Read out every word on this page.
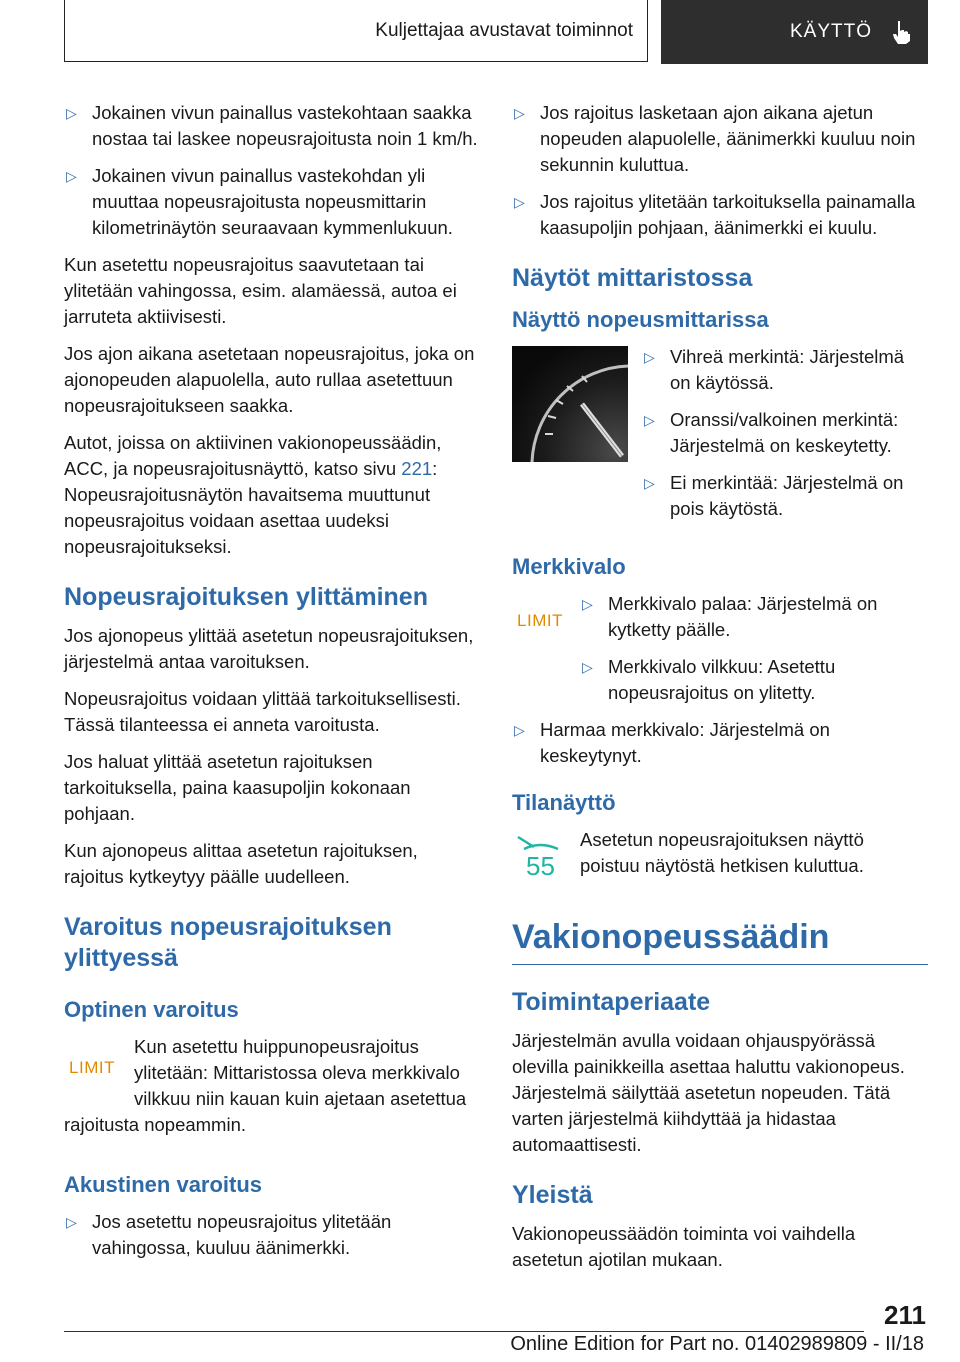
Kuljettajaa avustavat toiminnot	KÄYTTÖ
▷ Jokainen vivun painallus vastekohtaan saakka nostaa tai laskee nopeusrajoitusta noin 1 km/h.
▷ Jokainen vivun painallus vastekohdan yli muuttaa nopeusrajoitusta nopeusmittarin kilometrinäytön seuraavaan kymmenlukuun.

Kun asetettu nopeusrajoitus saavutetaan tai ylitetään vahingossa, esim. alamäessä, autoa ei jarruteta aktiivisesti.

Jos ajon aikana asetetaan nopeusrajoitus, joka on ajonopeuden alapuolella, auto rullaa asetettuun nopeusrajoitukseen saakka.

Autot, joissa on aktiivinen vakionopeussäädin, ACC, ja nopeusrajoitusnäyttö, katso sivu 221: Nopeusrajoitusnäytön havaitsema muuttunut nopeusrajoitus voidaan asettaa uudeksi nopeusrajoitukseksi.

Nopeusrajoituksen ylittäminen

Jos ajonopeus ylittää asetetun nopeusrajoituksen, järjestelmä antaa varoituksen.

Nopeusrajoitus voidaan ylittää tarkoituksellisesti. Tässä tilanteessa ei anneta varoitusta.

Jos haluat ylittää asetetun rajoituksen tarkoituksella, paina kaasupoljin kokonaan pohjaan.

Kun ajonopeus alittaa asetetun rajoituksen, rajoitus kytkeytyy päälle uudelleen.

Varoitus nopeusrajoituksen ylittyessä
Optinen varoitus
LIMIT

Kun asetettu huippunopeusrajoitus ylitetään: Mittaristossa oleva merkkivalo vilkkuu niin kauan kuin ajetaan asetettua rajoitusta nopeammin.

Akustinen varoitus
▷ Jos asetettu nopeusrajoitus ylitetään vahingossa, kuuluu äänimerkki.
▷ Jos rajoitus lasketaan ajon aikana ajetun nopeuden alapuolelle, äänimerkki kuuluu noin sekunnin kuluttua.
▷ Jos rajoitus ylitetään tarkoituksella painamalla kaasupoljin pohjaan, äänimerkki ei kuulu.
Näytöt mittaristossa
Näyttö nopeusmittarissa
▷ Vihreä merkintä: Järjestelmä on käytössä.
▷ Oranssi/valkoinen merkintä: Järjestelmä on keskeytetty.
▷ Ei merkintää: Järjestelmä on pois käytöstä.
Merkkivalo
LIMIT
▷ Merkkivalo palaa: Järjestelmä on kytketty päälle.
▷ Merkkivalo vilkkuu: Asetettu nopeusrajoitus on ylitetty.
▷ Harmaa merkkivalo: Järjestelmä on keskeytynyt.
Tilanäyttö
55

Asetetun nopeusrajoituksen näyttö poistuu näytöstä hetkisen kuluttua.

Vakionopeussäädin
Toimintaperiaate

Järjestelmän avulla voidaan ohjauspyörässä olevilla painikkeilla asettaa haluttu vakionopeus. Järjestelmä säilyttää asetetun nopeuden. Tätä varten järjestelmä kiihdyttää ja hidastaa automaattisesti.

Yleistä

Vakionopeussäädön toiminta voi vaihdella asetetun ajotilan mukaan.

211
Online Edition for Part no. 01402989809 - II/18
